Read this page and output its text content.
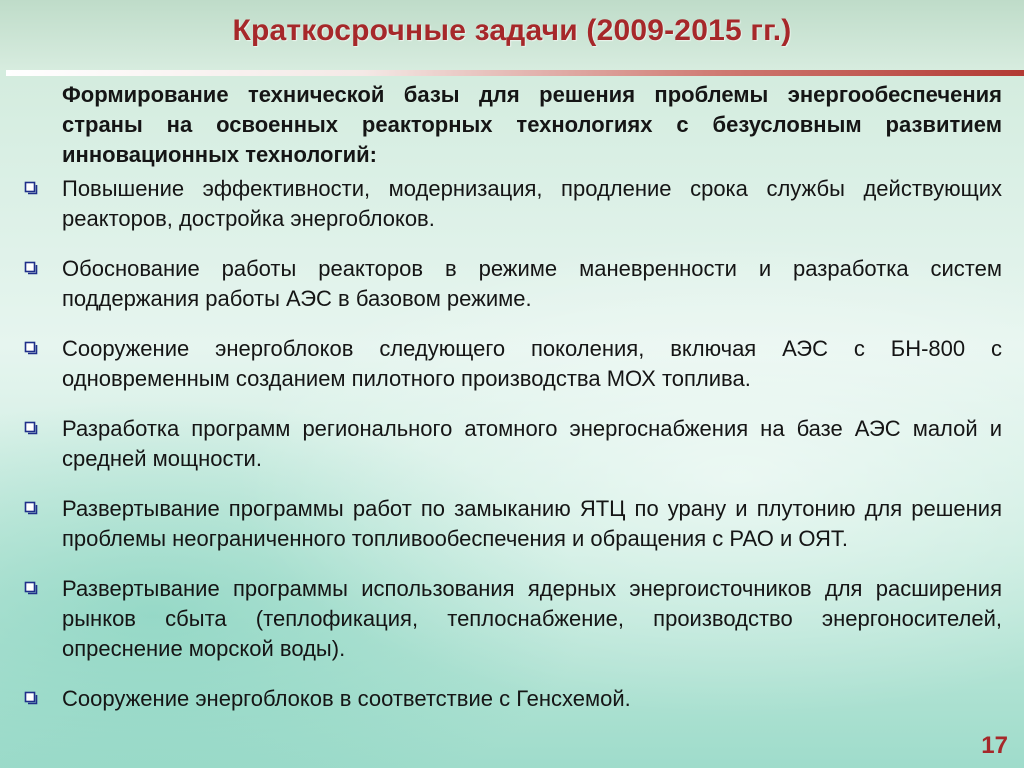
Краткосрочные задачи (2009-2015 гг.)

Формирование технической базы для решения проблемы энергообеспечения страны на освоенных реакторных технологиях с безусловным развитием инновационных технологий:

Повышение эффективности, модернизация, продление срока службы действующих реакторов, достройка энергоблоков.
Обоснование работы реакторов в режиме маневренности и разработка систем поддержания работы АЭС в базовом режиме.
Сооружение энергоблоков следующего поколения, включая АЭС с БН-800 с одновременным созданием пилотного производства МОХ топлива.
Разработка программ регионального атомного энергоснабжения на базе АЭС малой и средней мощности.
Развертывание программы работ по замыканию ЯТЦ по урану и плутонию для решения проблемы неограниченного топливообеспечения и обращения с РАО и ОЯТ.
Развертывание программы использования ядерных энергоисточников для расширения рынков сбыта (теплофикация, теплоснабжение, производство энергоносителей, опреснение морской воды).
Сооружение энергоблоков в соответствие с Генсхемой.
17
